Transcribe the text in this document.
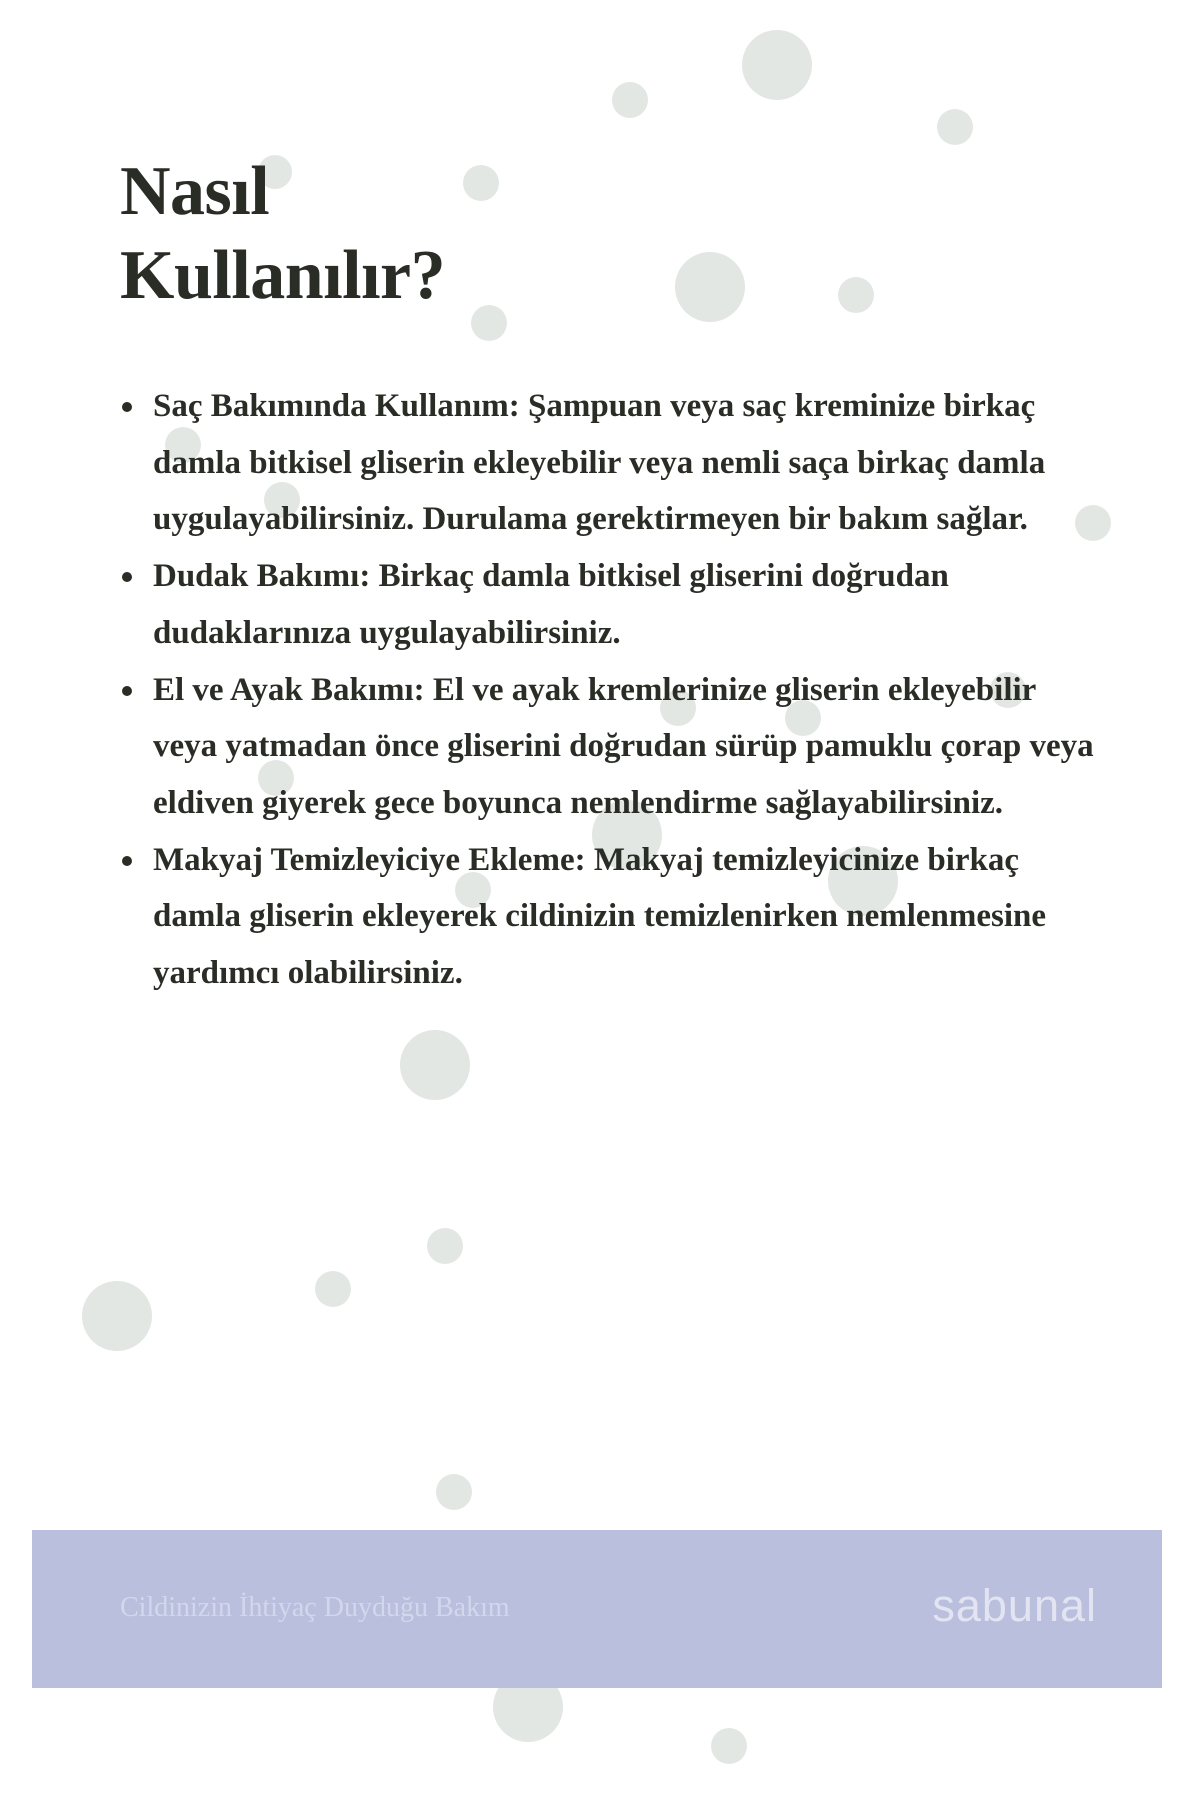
Nasıl
Kullanılır?
Saç Bakımında Kullanım: Şampuan veya saç kreminize birkaç damla bitkisel gliserin ekleyebilir veya nemli saça birkaç damla uygulayabilirsiniz. Durulama gerektirmeyen bir bakım sağlar.
Dudak Bakımı: Birkaç damla bitkisel gliserini doğrudan dudaklarınıza uygulayabilirsiniz.
El ve Ayak Bakımı: El ve ayak kremlerinize gliserin ekleyebilir veya yatmadan önce gliserini doğrudan sürüp pamuklu çorap veya eldiven giyerek gece boyunca nemlendirme sağlayabilirsiniz.
Makyaj Temizleyiciye Ekleme: Makyaj temizleyicinize birkaç damla gliserin ekleyerek cildinizin temizlenirken nemlenmesine yardımcı olabilirsiniz.
Cildinizin İhtiyaç Duyduğu Bakım	sabunal
